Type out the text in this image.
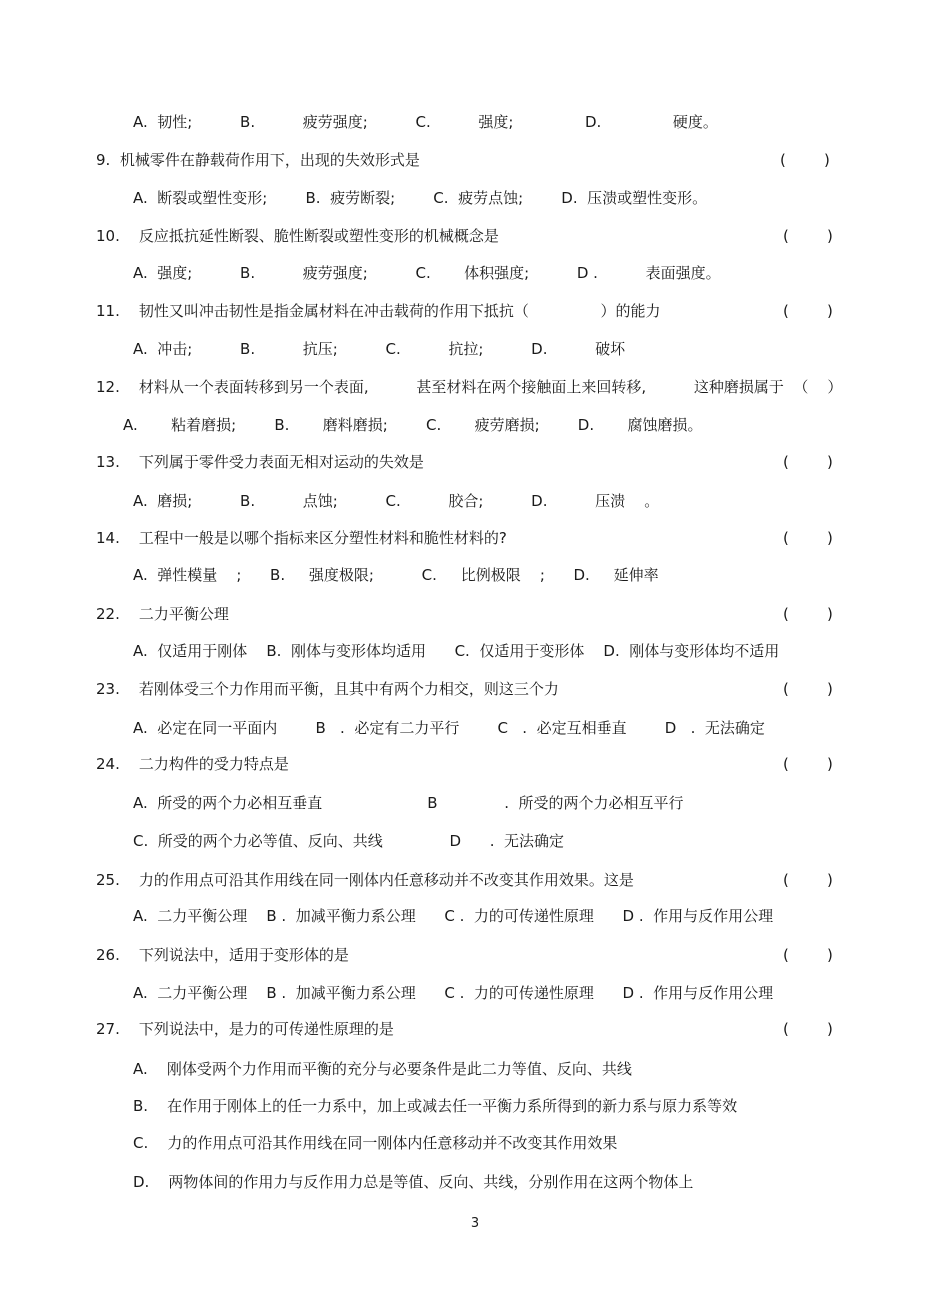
A.  韧性;          B.          疲劳强度;          C.          强度;               D.               硬度。
9.  机械零件在静载荷作用下，出现的失效形式是	(        )
A.  断裂或塑性变形;        B.  疲劳断裂;        C.  疲劳点蚀;        D.  压溃或塑性变形。
10.    反应抵抗延性断裂、脆性断裂或塑性变形的机械概念是	(        )
A.  强度;          B.          疲劳强度;          C.       体积强度;          D .          表面强度。
11.    韧性又叫冲击韧性是指金属材料在冲击载荷的作用下抵抗（               ）的能力	(        )
A.  冲击;          B.          抗压;          C.          抗拉;          D.          破坏
12.    材料从一个表面转移到另一个表面,          甚至材料在两个接触面上来回转移,          这种磨损属于  （    ）
A.       粘着磨损;        B.       磨料磨损;        C.       疲劳磨损;        D.       腐蚀磨损。
13.    下列属于零件受力表面无相对运动的失效是	(        )
A.  磨损;          B.          点蚀;          C.          胶合;          D.          压溃    。
14.    工程中一般是以哪个指标来区分塑性材料和脆性材料的?	(        )
A.  弹性模量    ;      B.     强度极限;          C.     比例极限    ;      D.     延伸率
22.    二力平衡公理	(        )
A.  仅适用于刚体    B.  刚体与变形体均适用      C.  仅适用于变形体    D.  刚体与变形体均不适用
23.    若刚体受三个力作用而平衡，且其中有两个力相交，则这三个力	(        )
A.  必定在同一平面内        B   .  必定有二力平行        C   .  必定互相垂直        D   .  无法确定
24.    二力构件的受力特点是	(        )
A.  所受的两个力必相互垂直                      B              .  所受的两个力必相互平行
C.  所受的两个力必等值、反向、共线              D      .  无法确定
25.    力的作用点可沿其作用线在同一刚体内任意移动并不改变其作用效果。这是	(        )
A.  二力平衡公理    B .  加减平衡力系公理      C .  力的可传递性原理      D .  作用与反作用公理
26.    下列说法中，适用于变形体的是	(        )
A.  二力平衡公理    B .  加减平衡力系公理      C .  力的可传递性原理      D .  作用与反作用公理
27.    下列说法中，是力的可传递性原理的是	(        )
A.    刚体受两个力作用而平衡的充分与必要条件是此二力等值、反向、共线
B.    在作用于刚体上的任一力系中，加上或减去任一平衡力系所得到的新力系与原力系等效
C.    力的作用点可沿其作用线在同一刚体内任意移动并不改变其作用效果
D.    两物体间的作用力与反作用力总是等值、反向、共线，分别作用在这两个物体上
3
